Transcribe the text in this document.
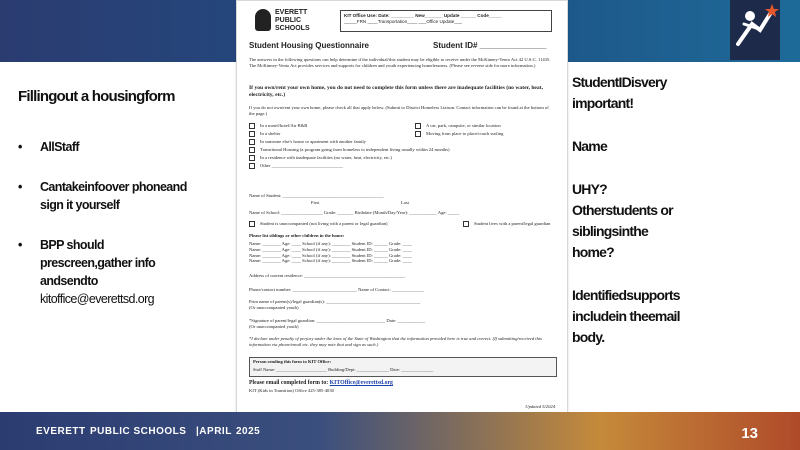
Fillingout a housingform
• AllStaff
• Cantakeinfoover phoneand sign it yourself
• BPP should prescreen,gather info andsendto
kitoffice@everettsd.org
StudentIDisvery
important!
Name
UHY?
Otherstudents or
siblingsinthe
home?
Identifiedsupports
includein theemail
body.
EVERETT
PUBLIC
SCHOOLS
KIT Office Use: Date: _________ New_______ Update ______ Code_____
_____FRN ____Transportation____ ___Office Update___
Student Housing Questionnaire	Student ID# _______________
The answers in the following questions can help determine if the individual/this student may be eligible to receive under the McKinney-Vento Act 42 U.S.C. 11435. The McKinney-Vento Act provides services and supports for children and youth experiencing homelessness. (Please see reverse side for more information.)
If you own/rent your own home, you do not need to complete this form unless there are inadequate facilities (no water, heat, electricity, etc.)
If you do not own/rent your own home, please check all that apply below. (Submit to District Homeless Liaison. Contact information can be found at the bottom of the page.)
In a motel/hotel/Air B&B	A car, park, campsite, or similar location
In a shelter	Moving from place to place/couch surfing
In someone else's house or apartment with another family
Transitional Housing (a program going from homeless to independent living usually within 24 months)
In a residence with inadequate facilities (no water, heat, electricity, etc.)
Other _______________________________
Name of Student: ____________________________________________
First	Last
Name of School: __________________ Grade: _______ Birthdate (Month/Day/Year): ____________ Age: _____
Student is unaccompanied (not living with a parent or legal guardian)	Student lives with a parent/legal guardian
Please list siblings or other children in the home:
Name: ________ Age: ____ School (if any): ________ Student ID: ______ Grade: ____
Name: ________ Age: ____ School (if any): ________ Student ID: ______ Grade: ____
Name: ________ Age: ____ School (if any): ________ Student ID: ______ Grade: ____
Name: ________ Age: ____ School (if any): ________ Student ID: ______ Grade: ____
Address of current residence: ____________________________________________
Phone/contact number: ____________________________ Name of Contact: ______________
Print name of parent(s)/legal guardian(s): _________________________________________
(Or unaccompanied youth)
*Signature of parent/legal guardian: ______________________________ Date: ____________
(Or unaccompanied youth)
*I declare under penalty of perjury under the laws of the State of Washington that the information provided here is true and correct. (If submitting/received this information via phone/email etc. they may note that and sign as such.)
Person sending this form to KIT Office:
Staff Name: ______________________ Building/Dept: ______________ Date: ______________
Please email completed form to: KITOffice@everettsd.org
KIT (Kids in Transition) Office 425-385-4030
Updated 5/2024
EVERETT PUBLIC SCHOOLS |APRIL 2025	13
